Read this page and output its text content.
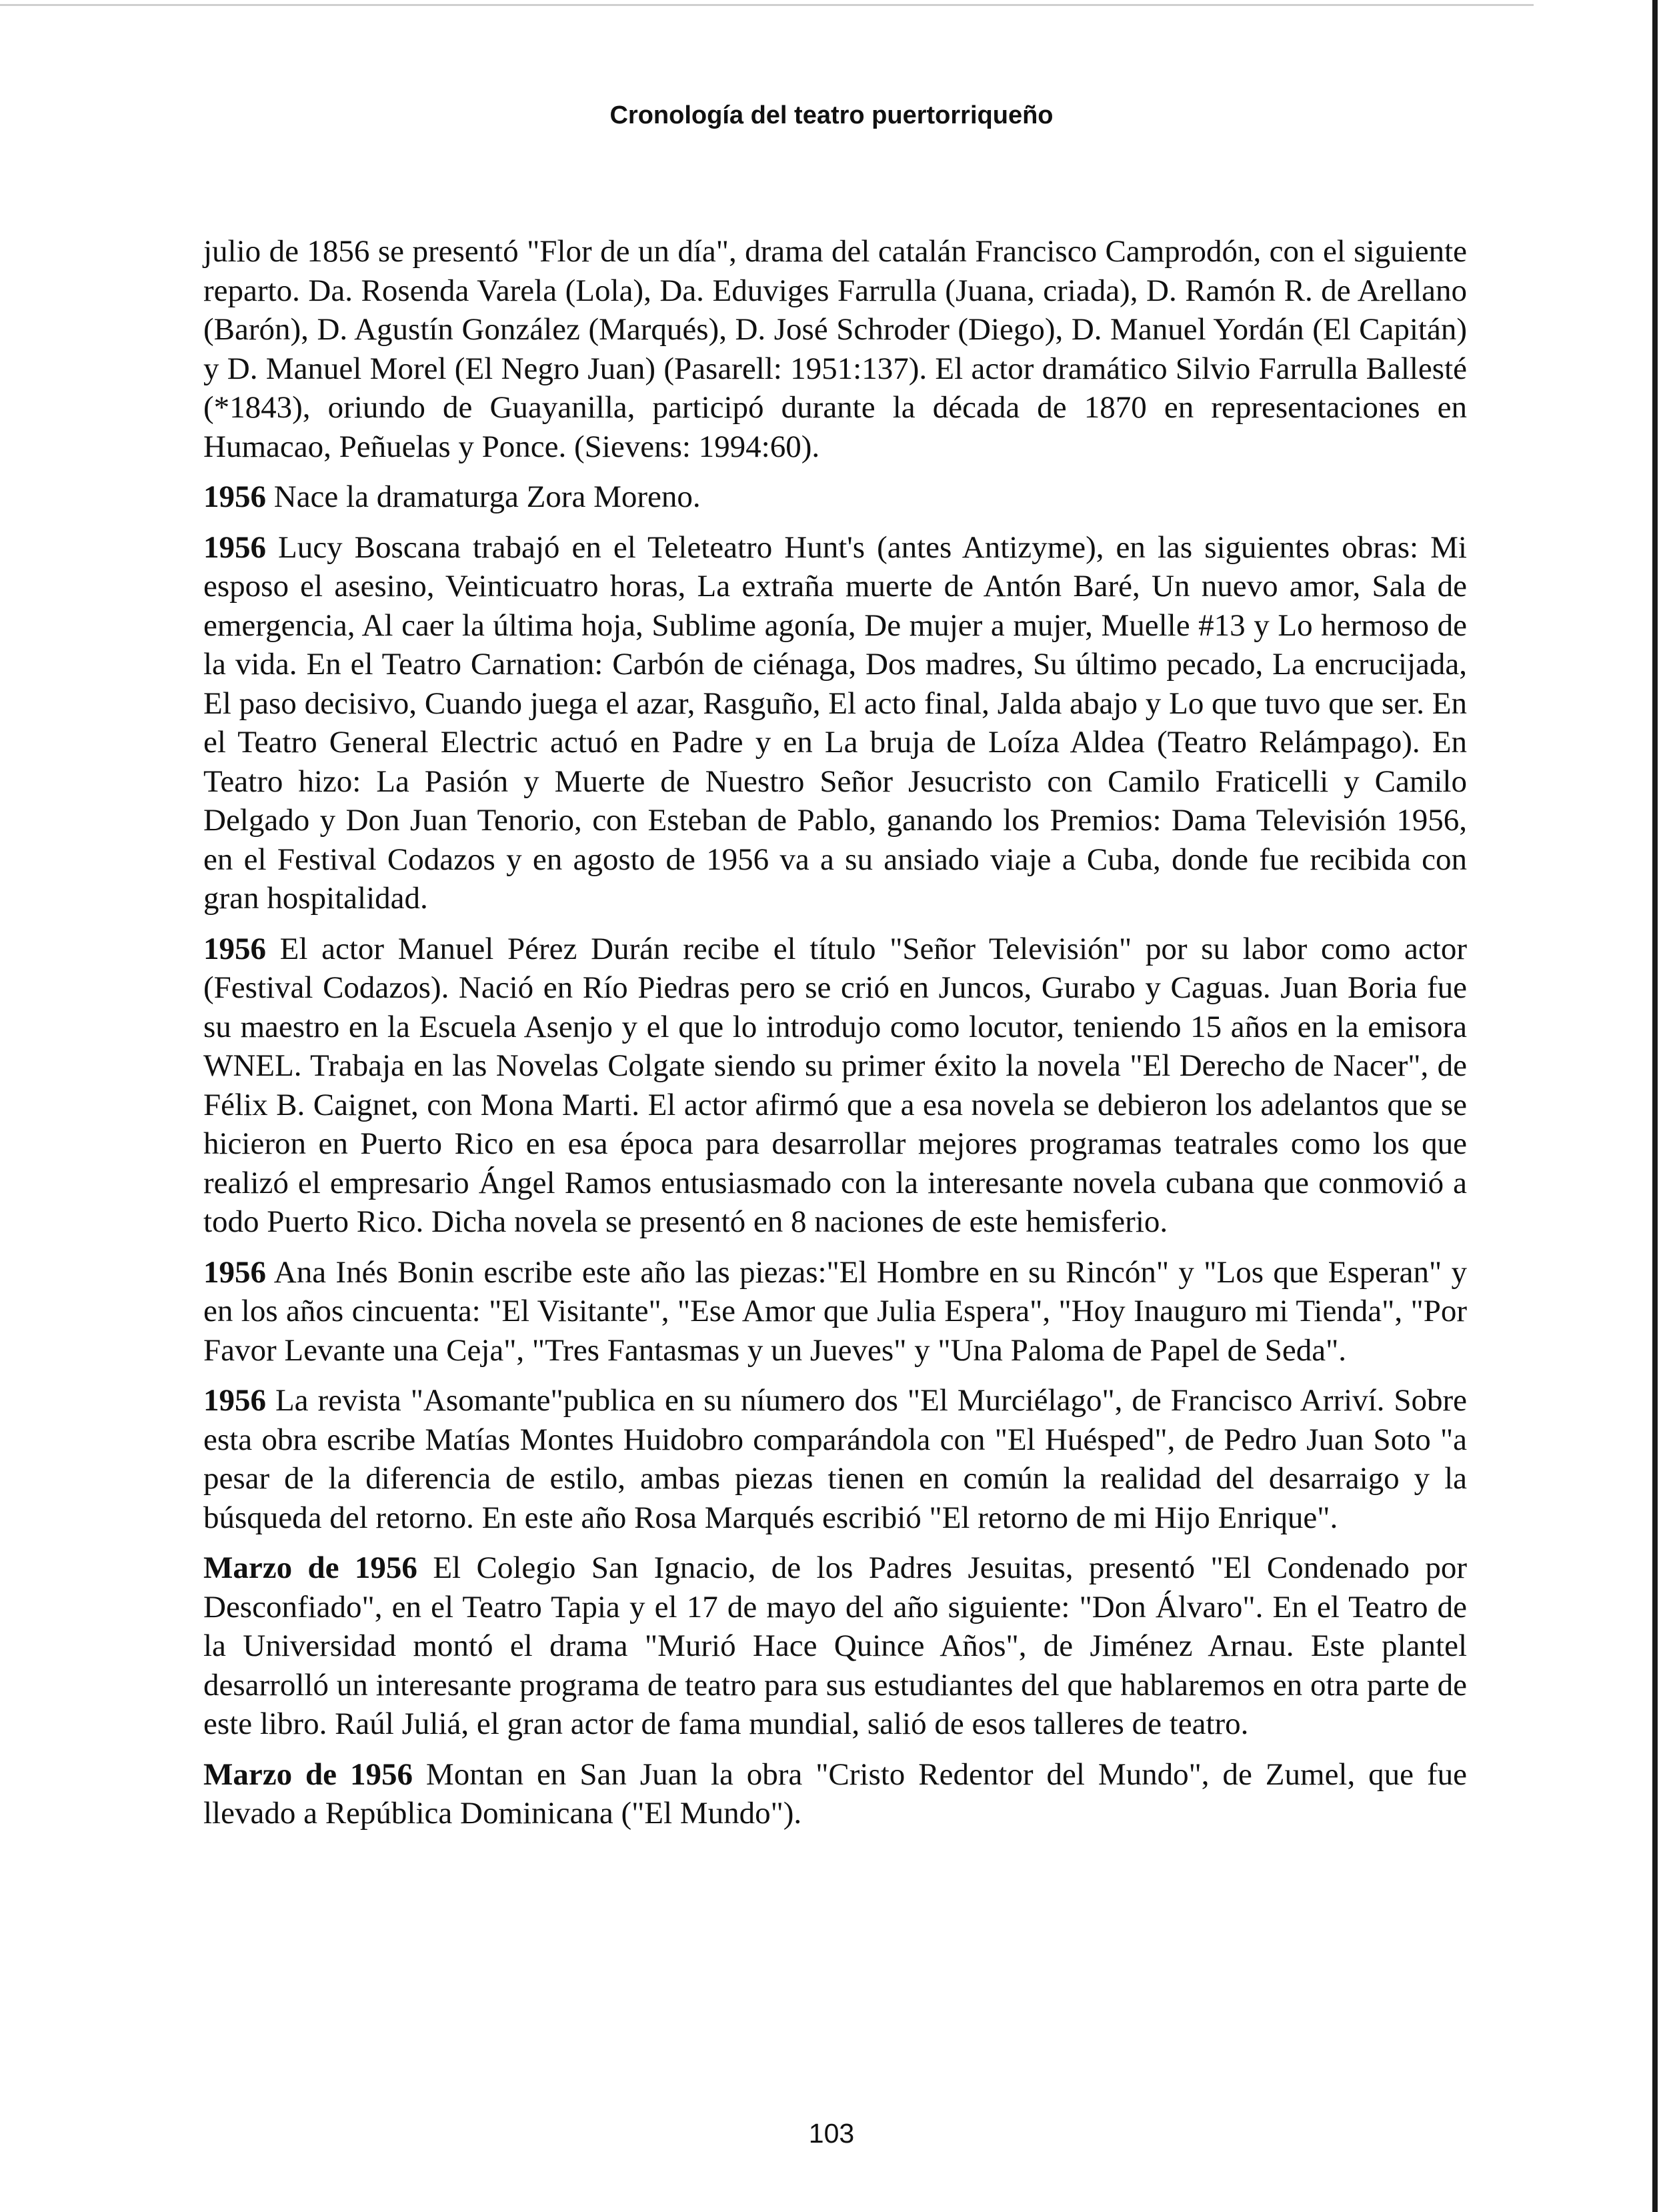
Cronología del teatro puertorriqueño

julio de 1856 se presentó "Flor de un día", drama del catalán Francisco Camprodón, con el siguiente reparto. Da. Rosenda Varela (Lola), Da. Eduviges Farrulla (Juana, criada), D. Ramón R. de Arellano (Barón), D. Agustín González (Marqués), D. José Schroder (Diego), D. Manuel Yordán (El Capitán) y D. Manuel Morel (El Negro Juan) (Pasarell: 1951:137). El actor dramático Silvio Farrulla Ballesté (*1843), oriundo de Guayanilla, participó durante la década de 1870 en representaciones en Humacao, Peñuelas y Ponce. (Sievens: 1994:60).

1956 Nace la dramaturga Zora Moreno.

1956 Lucy Boscana trabajó en el Teleteatro Hunt's (antes Antizyme), en las siguientes obras: Mi esposo el asesino, Veinticuatro horas, La extraña muerte de Antón Baré, Un nuevo amor, Sala de emergencia, Al caer la última hoja, Sublime agonía, De mujer a mujer, Muelle #13 y Lo hermoso de la vida. En el Teatro Carnation: Carbón de ciénaga, Dos madres, Su último pecado, La encrucijada, El paso decisivo, Cuando juega el azar, Rasguño, El acto final, Jalda abajo y Lo que tuvo que ser. En el Teatro General Electric actuó en Padre y en La bruja de Loíza Aldea (Teatro Relámpago). En Teatro hizo: La Pasión y Muerte de Nuestro Señor Jesucristo con Camilo Fraticelli y Camilo Delgado y Don Juan Tenorio, con Esteban de Pablo, ganando los Premios: Dama Televisión 1956, en el Festival Codazos y en agosto de 1956 va a su ansiado viaje a Cuba, donde fue recibida con gran hospitalidad.

1956 El actor Manuel Pérez Durán recibe el título "Señor Televisión" por su labor como actor (Festival Codazos). Nació en Río Piedras pero se crió en Juncos, Gurabo y Caguas. Juan Boria fue su maestro en la Escuela Asenjo y el que lo introdujo como locutor, teniendo 15 años en la emisora WNEL. Trabaja en las Novelas Colgate siendo su primer éxito la novela "El Derecho de Nacer", de Félix B. Caignet, con Mona Marti. El actor afirmó que a esa novela se debieron los adelantos que se hicieron en Puerto Rico en esa época para desarrollar mejores programas teatrales como los que realizó el empresario Ángel Ramos entusiasmado con la interesante novela cubana que conmovió a todo Puerto Rico. Dicha novela se presentó en 8 naciones de este hemisferio.

1956 Ana Inés Bonin escribe este año las piezas:"El Hombre en su Rincón" y "Los que Esperan" y en los años cincuenta: "El Visitante", "Ese Amor que Julia Espera", "Hoy Inauguro mi Tienda", "Por Favor Levante una Ceja", "Tres Fantasmas y un Jueves" y "Una Paloma de Papel de Seda".

1956 La revista "Asomante"publica en su níumero dos "El Murciélago", de Francisco Arriví. Sobre esta obra escribe Matías Montes Huidobro comparándola con "El Huésped", de Pedro Juan Soto "a pesar de la diferencia de estilo, ambas piezas tienen en común la realidad del desarraigo y la búsqueda del retorno. En este año Rosa Marqués escribió "El retorno de mi Hijo Enrique".

Marzo de 1956 El Colegio San Ignacio, de los Padres Jesuitas, presentó "El Condenado por Desconfiado", en el Teatro Tapia y el 17 de mayo del año siguiente: "Don Álvaro". En el Teatro de la Universidad montó el drama "Murió Hace Quince Años", de Jiménez Arnau. Este plantel desarrolló un interesante programa de teatro para sus estudiantes del que hablaremos en otra parte de este libro. Raúl Juliá, el gran actor de fama mundial, salió de esos talleres de teatro.

Marzo de 1956 Montan en San Juan la obra "Cristo Redentor del Mundo", de Zumel, que fue llevado a República Dominicana ("El Mundo").

103
